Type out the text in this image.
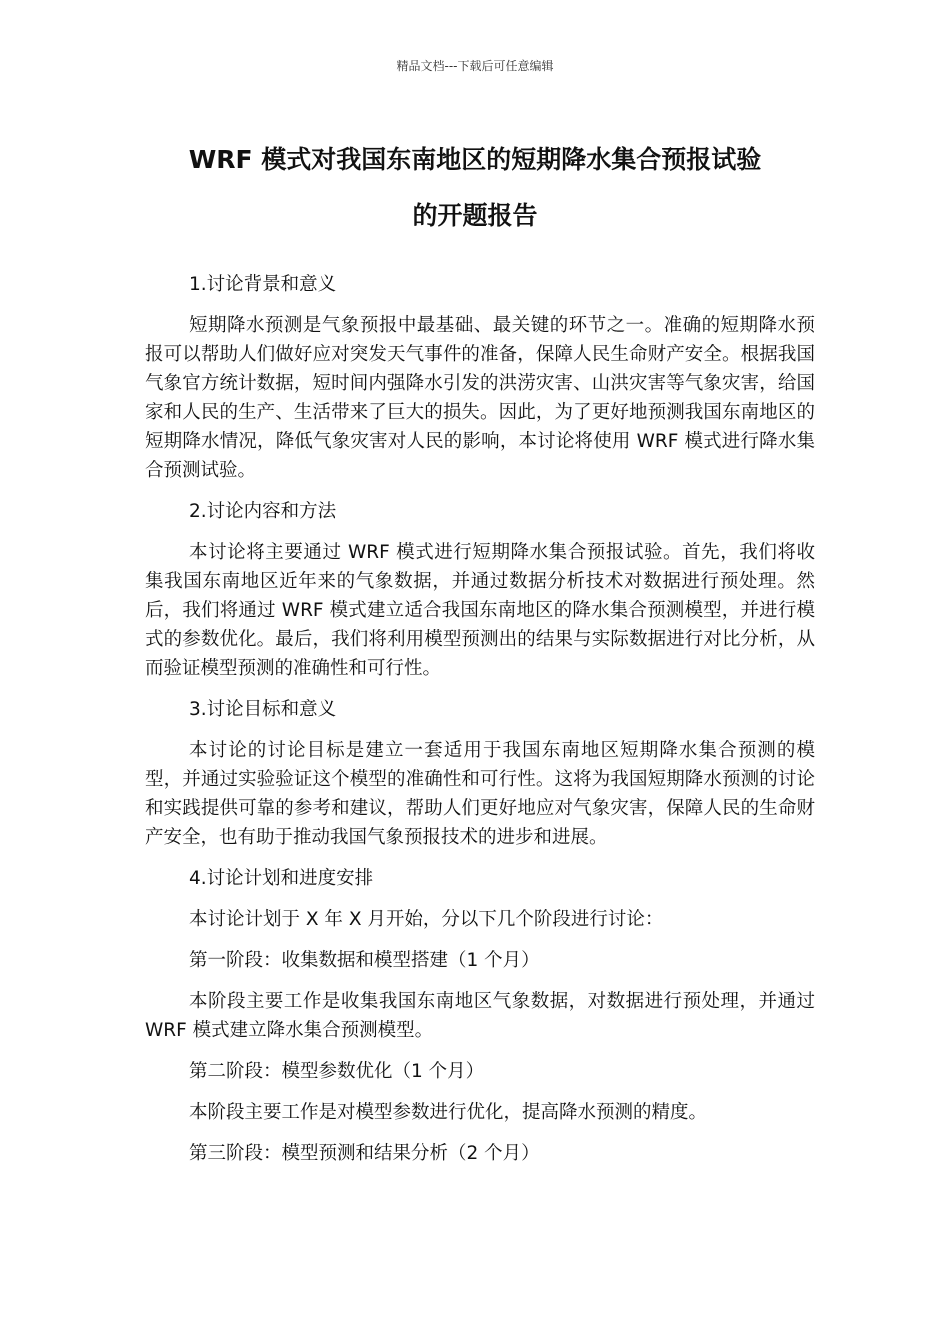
精品文档---下载后可任意编辑
WRF 模式对我国东南地区的短期降水集合预报试验
的开题报告

1.讨论背景和意义

短期降水预测是气象预报中最基础、最关键的环节之一。准确的短期降水预报可以帮助人们做好应对突发天气事件的准备，保障人民生命财产安全。根据我国气象官方统计数据，短时间内强降水引发的洪涝灾害、山洪灾害等气象灾害，给国家和人民的生产、生活带来了巨大的损失。因此，为了更好地预测我国东南地区的短期降水情况，降低气象灾害对人民的影响，本讨论将使用 WRF 模式进行降水集合预测试验。

2.讨论内容和方法

本讨论将主要通过 WRF 模式进行短期降水集合预报试验。首先，我们将收集我国东南地区近年来的气象数据，并通过数据分析技术对数据进行预处理。然后，我们将通过 WRF 模式建立适合我国东南地区的降水集合预测模型，并进行模式的参数优化。最后，我们将利用模型预测出的结果与实际数据进行对比分析，从而验证模型预测的准确性和可行性。

3.讨论目标和意义

本讨论的讨论目标是建立一套适用于我国东南地区短期降水集合预测的模型，并通过实验验证这个模型的准确性和可行性。这将为我国短期降水预测的讨论和实践提供可靠的参考和建议，帮助人们更好地应对气象灾害，保障人民的生命财产安全，也有助于推动我国气象预报技术的进步和进展。

4.讨论计划和进度安排

本讨论计划于 X 年 X 月开始，分以下几个阶段进行讨论：

第一阶段：收集数据和模型搭建（1 个月）

本阶段主要工作是收集我国东南地区气象数据，对数据进行预处理，并通过 WRF 模式建立降水集合预测模型。

第二阶段：模型参数优化（1 个月）

本阶段主要工作是对模型参数进行优化，提高降水预测的精度。

第三阶段：模型预测和结果分析（2 个月）
